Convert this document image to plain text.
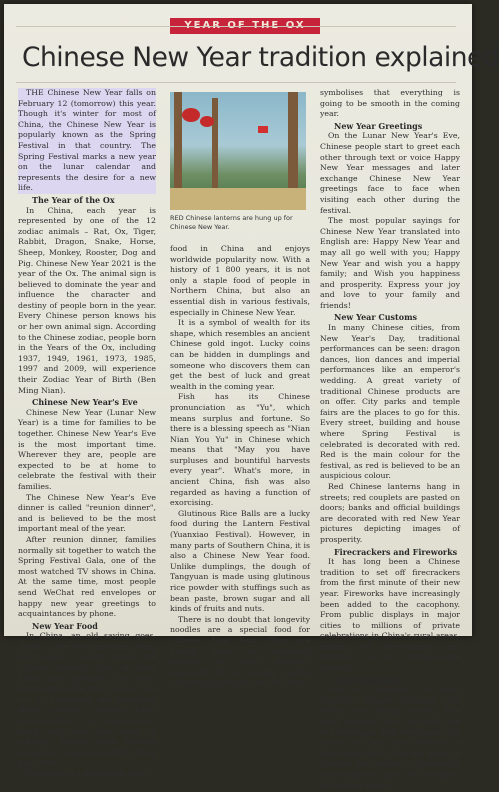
Chinese New Year tradition explained

THE Chinese New Year falls on February 12 (tomorrow) this year. Though it's winter for most of China, the Chinese New Year is popularly known as the Spring Festival in that country. The Spring Festival marks a new year on the lunar calendar and represents the desire for a new life.

The Year of the Ox

In China, each year is represented by one of the 12 zodiac animals – Rat, Ox, Tiger, Rabbit, Dragon, Snake, Horse, Sheep, Monkey, Rooster, Dog and Pig. Chinese New Year 2021 is the year of the Ox. The animal sign is believed to dominate the year and influence the character and destiny of people born in the year. Every Chinese person knows his or her own animal sign. According to the Chinese zodiac, people born in the Years of the Ox, including 1937, 1949, 1961, 1973, 1985, 1997 and 2009, will experience their Zodiac Year of Birth (Ben Ming Nian).

Chinese New Year's Eve

Chinese New Year (Lunar New Year) is a time for families to be together. Chinese New Year's Eve is the most important time. Wherever they are, people are expected to be at home to celebrate the festival with their families.

The Chinese New Year's Eve dinner is called "reunion dinner", and is believed to be the most important meal of the year.

After reunion dinner, families normally sit together to watch the Spring Festival Gala, one of the most watched TV shows in China. At the same time, most people send WeChat red envelopes or happy new year greetings to acquaintances by phone.

New Year Food

In China, an old saying goes, "Food is the first important thing for people" – which shows the Chinese people's love of food. There are probably no other people quite like the Chinese, who are so passionate and fastidious about cooking. Besides basic requirements of appearance, smell, and taste, they insist on creating festival foods bearing auspicious meanings which bring good luck.

Dumpling is a traditional lucky

RED Chinese lanterns are hung up for Chinese New Year.

food in China and enjoys worldwide popularity now. With a history of 1 800 years, it is not only a staple food of people in Northern China, but also an essential dish in various festivals, especially in Chinese New Year.

It is a symbol of wealth for its shape, which resembles an ancient Chinese gold ingot. Lucky coins can be hidden in dumplings and someone who discovers them can get the best of luck and great wealth in the coming year.

Fish has its Chinese pronunciation as "Yu", which means surplus and fortune. So there is a blessing speech as "Nian Nian You Yu" in Chinese which means that "May you have surpluses and bountiful harvests every year". What's more, in ancient China, fish was also regarded as having a function of exorcising.

Glutinous Rice Balls are a lucky food during the Lantern Festival (Yuanxiao Festival). However, in many parts of Southern China, it is also a Chinese New Year food. Unlike dumplings, the dough of Tangyuan is made using glutinous rice powder with stuffings such as bean paste, brown sugar and all kinds of fruits and nuts.

There is no doubt that longevity noodles are a special food for Chinese New Year. They are usually eaten on important festivals or one's birthday, especially for old people. Eating longevity noodles in the New Year

symbolises that everything is going to be smooth in the coming year.

New Year Greetings

On the Lunar New Year's Eve, Chinese people start to greet each other through text or voice Happy New Year messages and later exchange Chinese New Year greetings face to face when visiting each other during the festival.

The most popular sayings for Chinese New Year translated into English are: Happy New Year and may all go well with you; Happy New Year and wish you a happy family; and Wish you happiness and prosperity. Express your joy and love to your family and friends!

New Year Customs

In many Chinese cities, from New Year's Day, traditional performances can be seen: dragon dances, lion dances and imperial performances like an emperor's wedding. A great variety of traditional Chinese products are on offer. City parks and temple fairs are the places to go for this. Every street, building and house where Spring Festival is celebrated is decorated with red. Red is the main colour for the festival, as red is believed to be an auspicious colour.

Red Chinese lanterns hang in streets; red couplets are pasted on doors; banks and official buildings are decorated with red New Year pictures depicting images of prosperity.

Firecrackers and Fireworks

It has long been a Chinese tradition to set off firecrackers from the first minute of their new year. Fireworks have increasingly been added to the cacophony. From public displays in major cities to millions of private celebrations in China's rural areas, setting off firecrackers and fireworks is an indispensable festivity.

Red Envelopes

Like at Christmas in other countries, people exchange gifts during the Spring festival. The most common New Year gifts are red envelopes. Red envelopes with money in them are believed to bring good luck. They are given to children and retirees. Customarily only employers give red envelopes to working adults.
